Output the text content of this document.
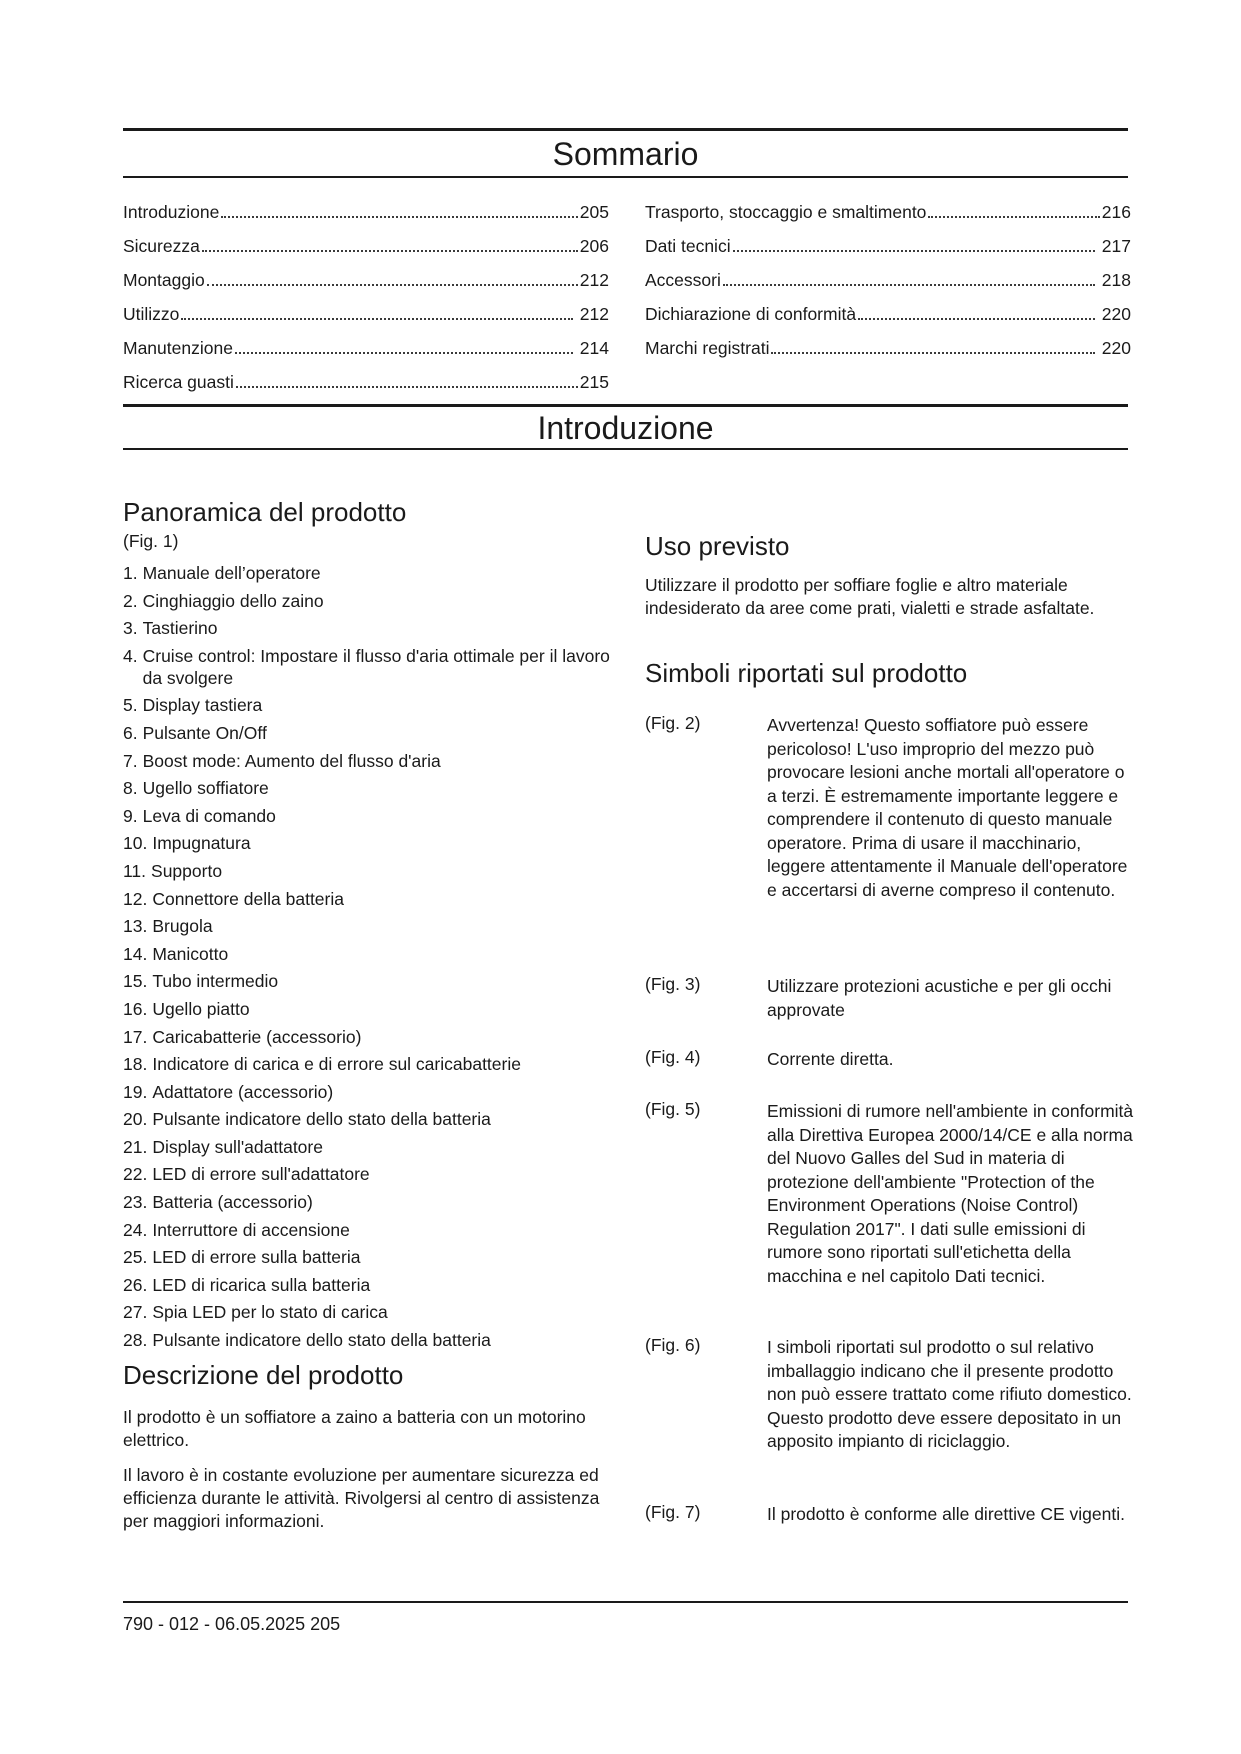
Sommario
Introduzione	205
Sicurezza	206
Montaggio	212
Utilizzo	212
Manutenzione	214
Ricerca guasti	215
Trasporto, stoccaggio e smaltimento	216
Dati tecnici	217
Accessori	218
Dichiarazione di conformità	220
Marchi registrati	220
Introduzione
Panoramica del prodotto
(Fig. 1)
1. Manuale dell’operatore
2. Cinghiaggio dello zaino
3. Tastierino
4. Cruise control: Impostare il flusso d'aria ottimale per il lavoro da svolgere
5. Display tastiera
6. Pulsante On/Off
7. Boost mode: Aumento del flusso d'aria
8. Ugello soffiatore
9. Leva di comando
10. Impugnatura
11. Supporto
12. Connettore della batteria
13. Brugola
14. Manicotto
15. Tubo intermedio
16. Ugello piatto
17. Caricabatterie (accessorio)
18. Indicatore di carica e di errore sul caricabatterie
19. Adattatore (accessorio)
20. Pulsante indicatore dello stato della batteria
21. Display sull'adattatore
22. LED di errore sull'adattatore
23. Batteria (accessorio)
24. Interruttore di accensione
25. LED di errore sulla batteria
26. LED di ricarica sulla batteria
27. Spia LED per lo stato di carica
28. Pulsante indicatore dello stato della batteria
Descrizione del prodotto
Il prodotto è un soffiatore a zaino a batteria con un motorino elettrico.
Il lavoro è in costante evoluzione per aumentare sicurezza ed efficienza durante le attività. Rivolgersi al centro di assistenza per maggiori informazioni.
Uso previsto
Utilizzare il prodotto per soffiare foglie e altro materiale indesiderato da aree come prati, vialetti e strade asfaltate.
Simboli riportati sul prodotto
(Fig. 2)	Avvertenza! Questo soffiatore può essere pericoloso! L'uso improprio del mezzo può provocare lesioni anche mortali all'operatore o a terzi. È estremamente importante leggere e comprendere il contenuto di questo manuale operatore. Prima di usare il macchinario, leggere attentamente il Manuale dell'operatore e accertarsi di averne compreso il contenuto.
(Fig. 3)	Utilizzare protezioni acustiche e per gli occhi approvate
(Fig. 4)	Corrente diretta.
(Fig. 5)	Emissioni di rumore nell'ambiente in conformità alla Direttiva Europea 2000/14/CE e alla norma del Nuovo Galles del Sud in materia di protezione dell'ambiente "Protection of the Environment Operations (Noise Control) Regulation 2017". I dati sulle emissioni di rumore sono riportati sull'etichetta della macchina e nel capitolo Dati tecnici.
(Fig. 6)	I simboli riportati sul prodotto o sul relativo imballaggio indicano che il presente prodotto non può essere trattato come rifiuto domestico. Questo prodotto deve essere depositato in un apposito impianto di riciclaggio.
(Fig. 7)	Il prodotto è conforme alle direttive CE vigenti.
790 - 012 - 06.05.2025 205
